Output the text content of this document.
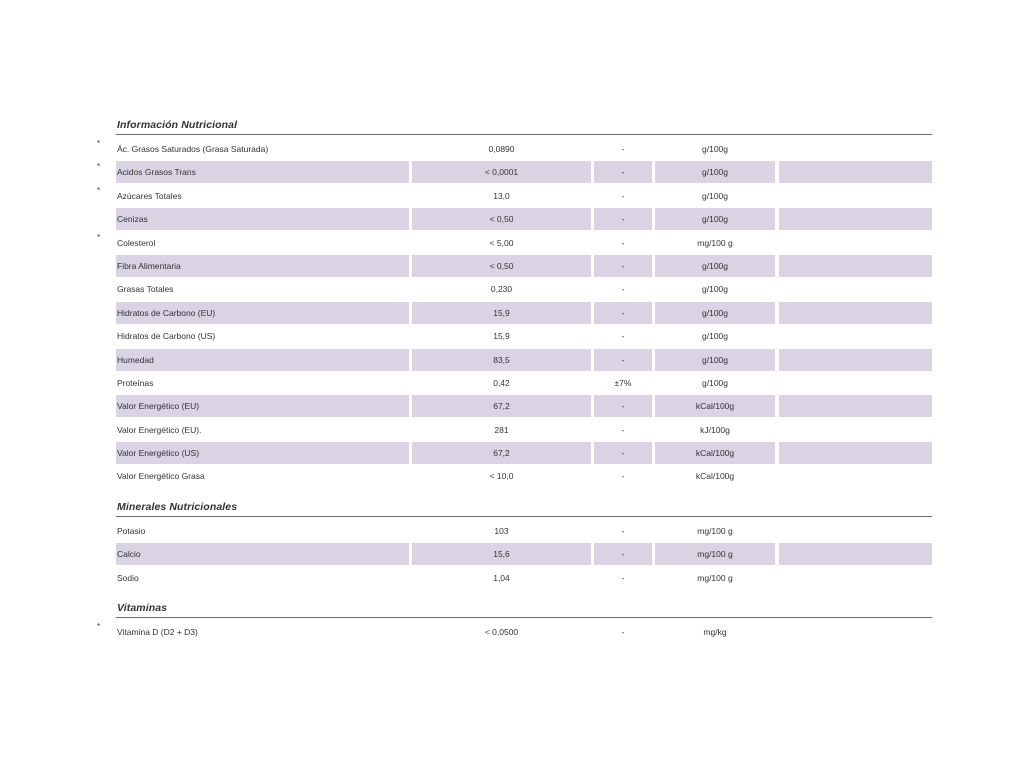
Información Nutricional
*
Ác. Grasos Saturados (Grasa Saturada)	0,0890	-	g/100g
*
Acidos Grasos Trans	< 0,0001	-	g/100g
*
Azúcares Totales	13,0	-	g/100g
Cenizas	< 0,50	-	g/100g
*
Colesterol	< 5,00	-	mg/100 g
Fibra Alimentaria	< 0,50	-	g/100g
Grasas Totales	0,230	-	g/100g
Hidratos de Carbono (EU)	15,9	-	g/100g
Hidratos de Carbono (US)	15,9	-	g/100g
Humedad	83,5	-	g/100g
Proteínas	0,42	±7%	g/100g
Valor Energético (EU)	67,2	-	kCal/100g
Valor Energético (EU).	281	-	kJ/100g
Valor Energético (US)	67,2	-	kCal/100g
Valor Energético Grasa	< 10,0	-	kCal/100g
Minerales Nutricionales
Potasio	103	-	mg/100 g
Calcio	15,6	-	mg/100 g
Sodio	1,04	-	mg/100 g
Vitaminas
*
Vitamina D (D2 + D3)	< 0,0500	-	mg/kg
